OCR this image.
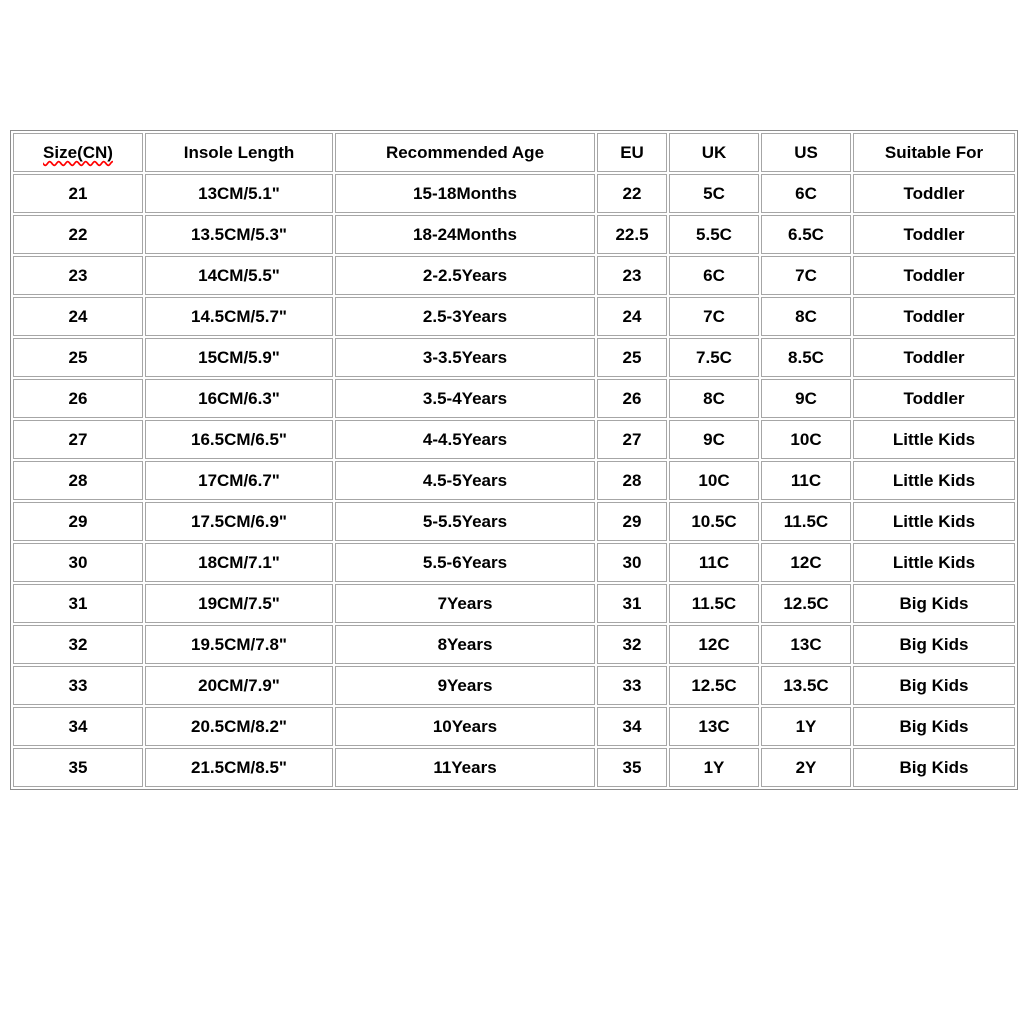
Size(CN)	Insole Length	Recommended Age	EU	UK	US	Suitable For
21	13CM/5.1"	15-18Months	22	5C	6C	Toddler
22	13.5CM/5.3"	18-24Months	22.5	5.5C	6.5C	Toddler
23	14CM/5.5"	2-2.5Years	23	6C	7C	Toddler
24	14.5CM/5.7"	2.5-3Years	24	7C	8C	Toddler
25	15CM/5.9"	3-3.5Years	25	7.5C	8.5C	Toddler
26	16CM/6.3"	3.5-4Years	26	8C	9C	Toddler
27	16.5CM/6.5"	4-4.5Years	27	9C	10C	Little Kids
28	17CM/6.7"	4.5-5Years	28	10C	11C	Little Kids
29	17.5CM/6.9"	5-5.5Years	29	10.5C	11.5C	Little Kids
30	18CM/7.1"	5.5-6Years	30	11C	12C	Little Kids
31	19CM/7.5"	7Years	31	11.5C	12.5C	Big Kids
32	19.5CM/7.8"	8Years	32	12C	13C	Big Kids
33	20CM/7.9"	9Years	33	12.5C	13.5C	Big Kids
34	20.5CM/8.2"	10Years	34	13C	1Y	Big Kids
35	21.5CM/8.5"	11Years	35	1Y	2Y	Big Kids
